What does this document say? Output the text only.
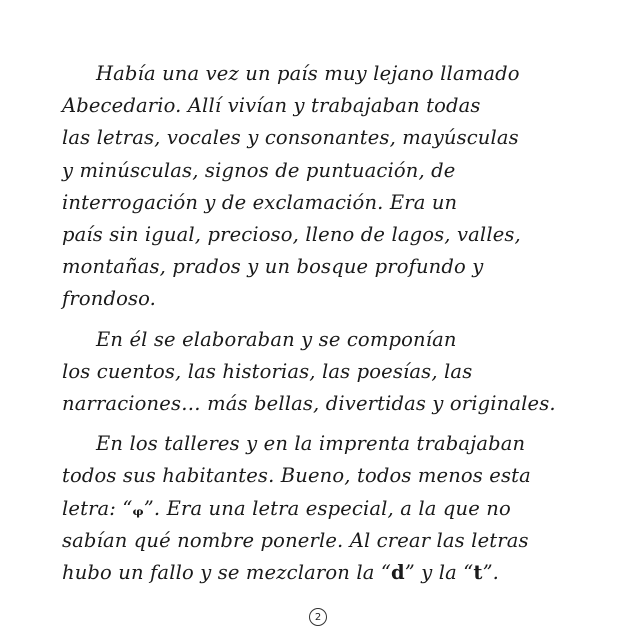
Había una vez un país muy lejano llamado
Abecedario. Allí vivían y trabajaban todas
las letras, vocales y consonantes, mayúsculas
y minúsculas, signos de puntuación, de
interrogación y de exclamación. Era un
país sin igual, precioso, lleno de lagos, valles,
montañas, prados y un bosque profundo y
frondoso.
En él se elaboraban y se componían
los cuentos, las historias, las poesías, las
narraciones… más bellas, divertidas y originales.
En los talleres y en la imprenta trabajaban
todos sus habitantes. Bueno, todos menos esta
letra: “ᵩ”. Era una letra especial, a la que no
sabían qué nombre ponerle. Al crear las letras
hubo un fallo y se mezclaron la “d” y la “t”.
2
